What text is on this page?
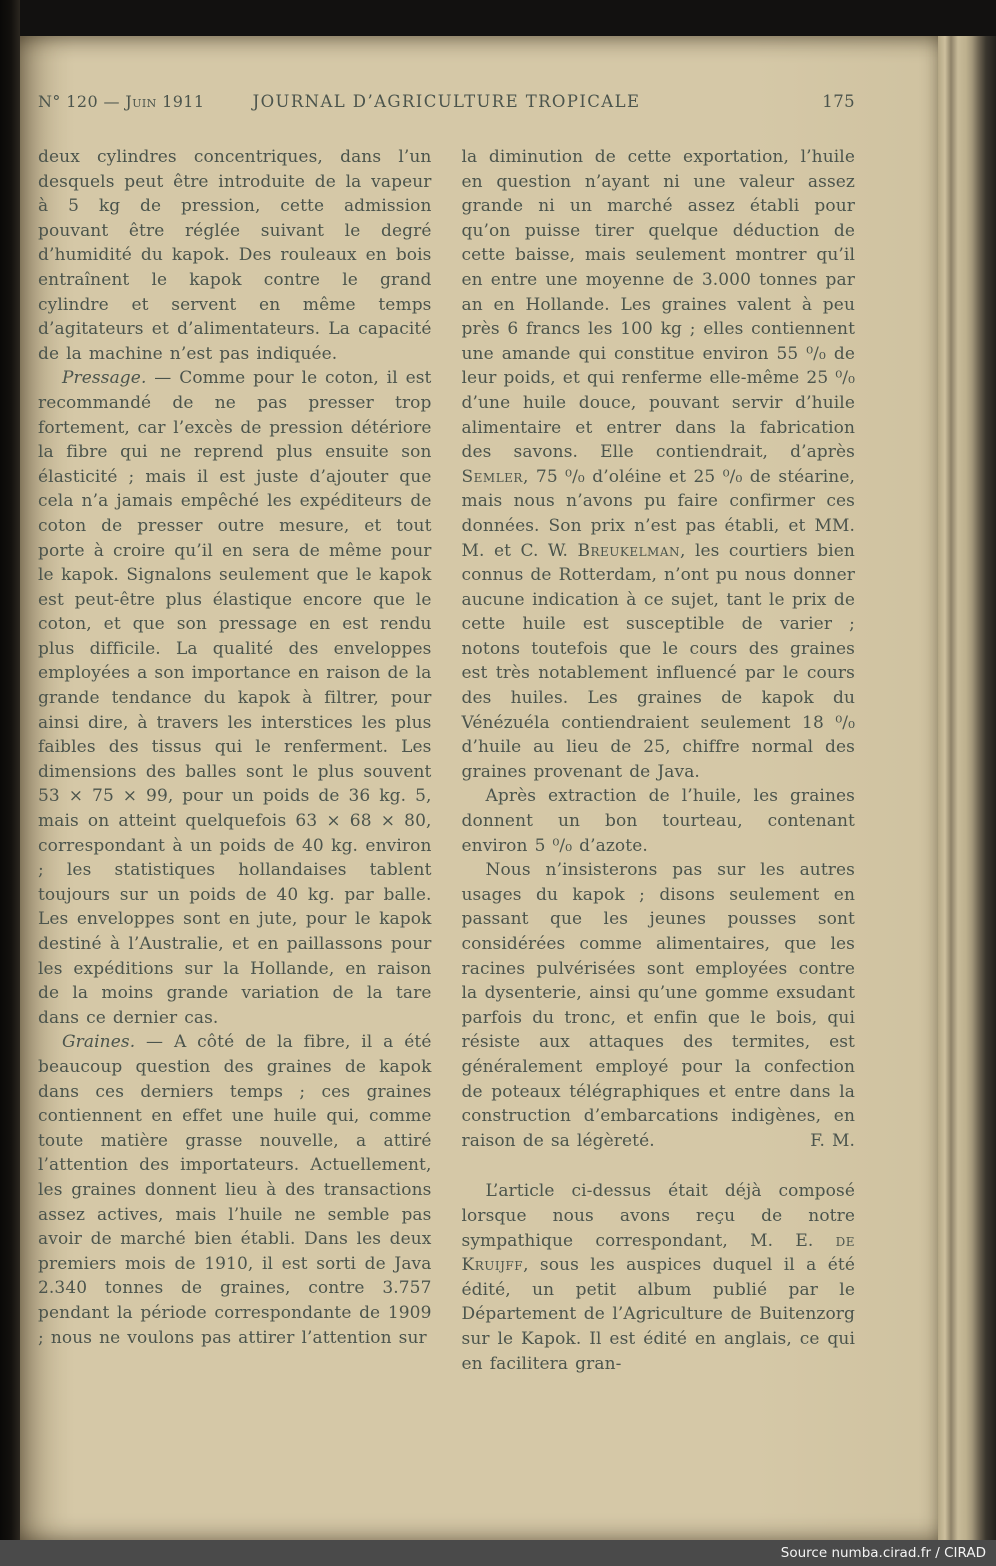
N° 120 — Juin 1911	JOURNAL D’AGRICULTURE TROPICALE	175

deux cylindres concentriques, dans l’un desquels peut être introduite de la vapeur à 5 kg de pression, cette admission pouvant être réglée suivant le degré d’humidité du kapok. Des rouleaux en bois entraînent le kapok contre le grand cylindre et servent en même temps d’agitateurs et d’alimentateurs. La capacité de la machine n’est pas indiquée.

Pressage. — Comme pour le coton, il est recommandé de ne pas presser trop fortement, car l’excès de pression détériore la fibre qui ne reprend plus ensuite son élasticité ; mais il est juste d’ajouter que cela n’a jamais empêché les expéditeurs de coton de presser outre mesure, et tout porte à croire qu’il en sera de même pour le kapok. Signalons seulement que le kapok est peut-être plus élastique encore que le coton, et que son pressage en est rendu plus difficile. La qualité des enveloppes employées a son importance en raison de la grande tendance du kapok à filtrer, pour ainsi dire, à travers les interstices les plus faibles des tissus qui le renferment. Les dimensions des balles sont le plus souvent 53 × 75 × 99, pour un poids de 36 kg. 5, mais on atteint quelquefois 63 × 68 × 80, correspondant à un poids de 40 kg. environ ; les statistiques hollandaises tablent toujours sur un poids de 40 kg. par balle. Les enveloppes sont en jute, pour le kapok destiné à l’Australie, et en paillassons pour les expéditions sur la Hollande, en raison de la moins grande variation de la tare dans ce dernier cas.

Graines. — A côté de la fibre, il a été beaucoup question des graines de kapok dans ces derniers temps ; ces graines contiennent en effet une huile qui, comme toute matière grasse nouvelle, a attiré l’attention des importateurs. Actuellement, les graines donnent lieu à des transactions assez actives, mais l’huile ne semble pas avoir de marché bien établi. Dans les deux premiers mois de 1910, il est sorti de Java 2.340 tonnes de graines, contre 3.757 pendant la période correspondante de 1909 ; nous ne voulons pas attirer l’attention sur

la diminution de cette exportation, l’huile en question n’ayant ni une valeur assez grande ni un marché assez établi pour qu’on puisse tirer quelque déduction de cette baisse, mais seulement montrer qu’il en entre une moyenne de 3.000 tonnes par an en Hollande. Les graines valent à peu près 6 francs les 100 kg ; elles contiennent une amande qui constitue environ 55 ⁰/₀ de leur poids, et qui renferme elle-même 25 ⁰/₀ d’une huile douce, pouvant servir d’huile alimentaire et entrer dans la fabrication des savons. Elle contiendrait, d’après Semler, 75 ⁰/₀ d’oléine et 25 ⁰/₀ de stéarine, mais nous n’avons pu faire confirmer ces données. Son prix n’est pas établi, et MM. M. et C. W. Breukelman, les courtiers bien connus de Rotterdam, n’ont pu nous donner aucune indication à ce sujet, tant le prix de cette huile est susceptible de varier ; notons toutefois que le cours des graines est très notablement influencé par le cours des huiles. Les graines de kapok du Vénézuéla contiendraient seulement 18 ⁰/₀ d’huile au lieu de 25, chiffre normal des graines provenant de Java.

Après extraction de l’huile, les graines donnent un bon tourteau, contenant environ 5 ⁰/₀ d’azote.

Nous n’insisterons pas sur les autres usages du kapok ; disons seulement en passant que les jeunes pousses sont considérées comme alimentaires, que les racines pulvérisées sont employées contre la dysenterie, ainsi qu’une gomme exsudant parfois du tronc, et enfin que le bois, qui résiste aux attaques des termites, est généralement employé pour la confection de poteaux télégraphiques et entre dans la construction d’embarcations indigènes, en raison de sa légèreté.	F. M.

L’article ci-dessus était déjà composé lorsque nous avons reçu de notre sympathique correspondant, M. E. de Kruijff, sous les auspices duquel il a été édité, un petit album publié par le Département de l’Agriculture de Buitenzorg sur le Kapok. Il est édité en anglais, ce qui en facilitera gran-

Source numba.cirad.fr / CIRAD
